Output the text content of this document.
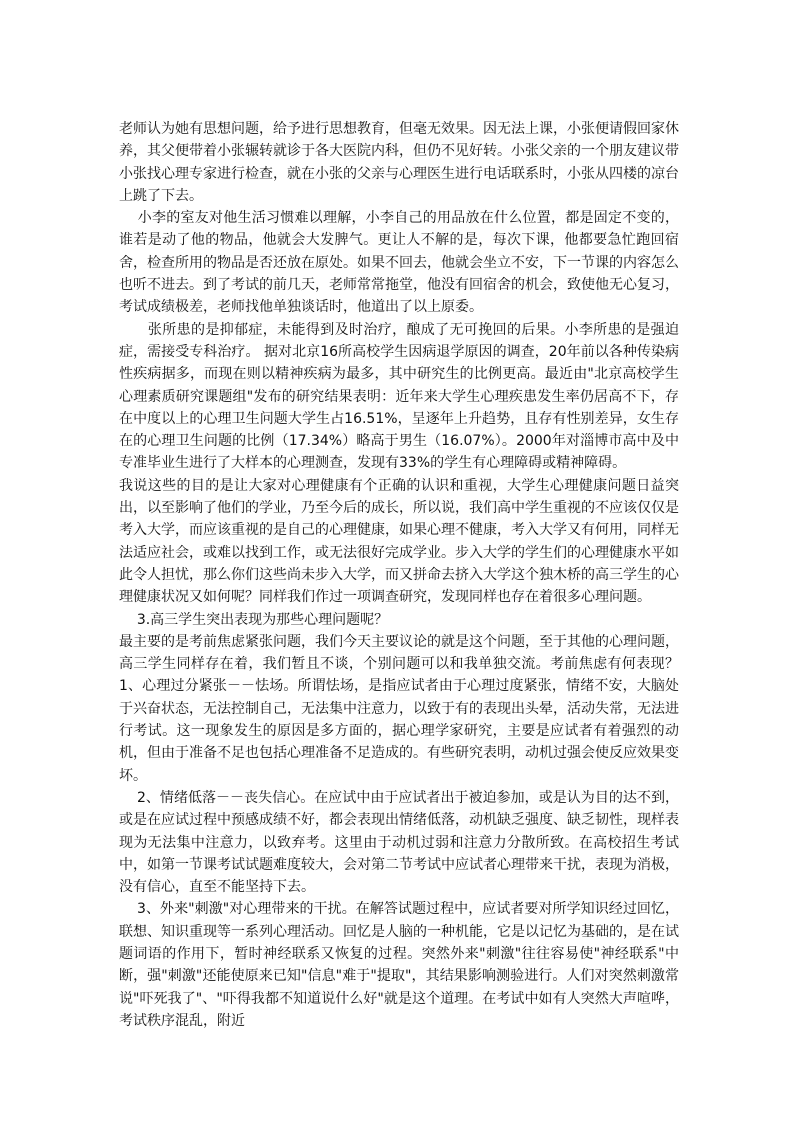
老师认为她有思想问题，给予进行思想教育，但毫无效果。因无法上课，小张便请假回家休养，其父便带着小张辗转就诊于各大医院内科，但仍不见好转。小张父亲的一个朋友建议带小张找心理专家进行检查，就在小张的父亲与心理医生进行电话联系时，小张从四楼的凉台上跳了下去。

小李的室友对他生活习惯难以理解，小李自己的用品放在什么位置，都是固定不变的，谁若是动了他的物品，他就会大发脾气。更让人不解的是，每次下课，他都要急忙跑回宿舍，检查所用的物品是否还放在原处。如果不回去，他就会坐立不安，下一节课的内容怎么也听不进去。到了考试的前几天，老师常常拖堂，他没有回宿舍的机会，致使他无心复习，考试成绩极差，老师找他单独谈话时，他道出了以上原委。

张所患的是抑郁症，未能得到及时治疗，酿成了无可挽回的后果。小李所患的是强迫症，需接受专科治疗。 据对北京16所高校学生因病退学原因的调查，20年前以各种传染病性疾病据多，而现在则以精神疾病为最多，其中研究生的比例更高。最近由"北京高校学生心理素质研究课题组"发布的研究结果表明：近年来大学生心理疾患发生率仍居高不下，存在中度以上的心理卫生问题大学生占16.51%，呈逐年上升趋势，且存有性别差异，女生存在的心理卫生问题的比例（17.34%）略高于男生（16.07%）。2000年对淄博市高中及中专准毕业生进行了大样本的心理测查，发现有33%的学生有心理障碍或精神障碍。

我说这些的目的是让大家对心理健康有个正确的认识和重视，大学生心理健康问题日益突出，以至影响了他们的学业，乃至今后的成长，所以说，我们高中学生重视的不应该仅仅是考入大学，而应该重视的是自己的心理健康，如果心理不健康，考入大学又有何用，同样无法适应社会，或难以找到工作，或无法很好完成学业。步入大学的学生们的心理健康水平如此令人担忧，那么你们这些尚未步入大学，而又拼命去挤入大学这个独木桥的高三学生的心理健康状况又如何呢？同样我们作过一项调查研究，发现同样也存在着很多心理问题。

3.高三学生突出表现为那些心理问题呢？

最主要的是考前焦虑紧张问题，我们今天主要议论的就是这个问题，至于其他的心理问题，高三学生同样存在着，我们暂且不谈，个别问题可以和我单独交流。考前焦虑有何表现？1、心理过分紧张－－怯场。所谓怯场，是指应试者由于心理过度紧张，情绪不安，大脑处于兴奋状态，无法控制自己，无法集中注意力，以致于有的表现出头晕，活动失常，无法进行考试。这一现象发生的原因是多方面的，据心理学家研究，主要是应试者有着强烈的动机，但由于准备不足也包括心理准备不足造成的。有些研究表明，动机过强会使反应效果变坏。

2、情绪低落－－丧失信心。在应试中由于应试者出于被迫参加，或是认为目的达不到，或是在应试过程中预感成绩不好，都会表现出情绪低落，动机缺乏强度、缺乏韧性，现样表现为无法集中注意力，以致弃考。这里由于动机过弱和注意力分散所致。在高校招生考试中，如第一节课考试试题难度较大，会对第二节考试中应试者心理带来干扰，表现为消极，没有信心，直至不能坚持下去。

3、外来"刺激"对心理带来的干扰。在解答试题过程中，应试者要对所学知识经过回忆，联想、知识重现等一系列心理活动。回忆是人脑的一种机能，它是以记忆为基础的，是在试题词语的作用下，暂时神经联系又恢复的过程。突然外来"刺激"往往容易使"神经联系"中断，强"刺激"还能使原来已知"信息"难于"提取"，其结果影响测验进行。人们对突然刺激常说"吓死我了"、"吓得我都不知道说什么好"就是这个道理。在考试中如有人突然大声喧哗，考试秩序混乱，附近
